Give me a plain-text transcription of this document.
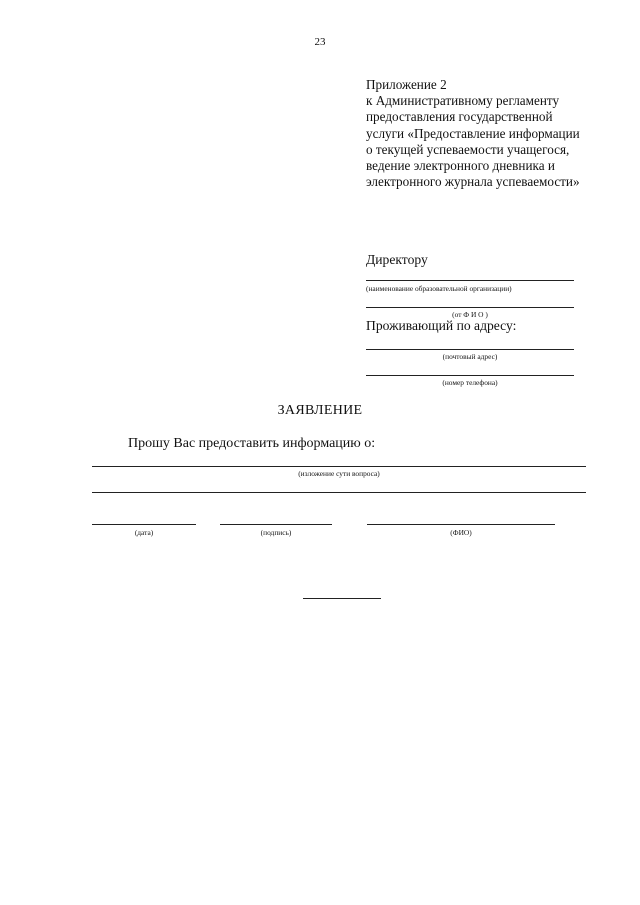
23
Приложение 2
к Административному регламенту
предоставления государственной
услуги «Предоставление информации
о текущей успеваемости учащегося,
ведение электронного дневника и
электронного журнала успеваемости»
Директору
(наименование образовательной организации)
(от Ф И О )
Проживающий по адресу:
(почтовый адрес)
(номер телефона)
ЗАЯВЛЕНИЕ
Прошу Вас предоставить информацию о:
(изложение сути вопроса)
(дата)	(подпись)	(ФИО)
